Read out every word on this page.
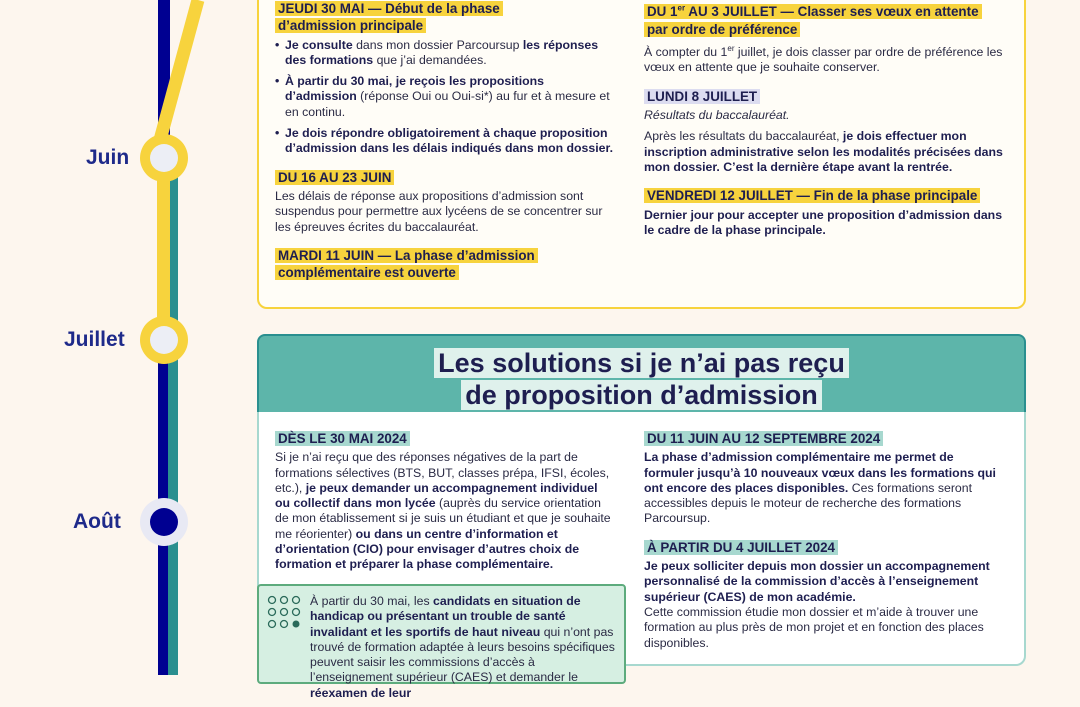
Juin
Juillet
Août
JEUDI 30 MAI — Début de la phase
d’admission principale
• Je consulte dans mon dossier Parcoursup les réponses des formations que j’ai demandées.
• À partir du 30 mai, je reçois les propositions d’admission (réponse Oui ou Oui-si*) au fur et à mesure et en continu.
• Je dois répondre obligatoirement à chaque proposition d’admission dans les délais indiqués dans mon dossier.
DU 16 AU 23 JUIN

Les délais de réponse aux propositions d’admission sont suspendus pour permettre aux lycéens de se concentrer sur les épreuves écrites du baccalauréat.

MARDI 11 JUIN — La phase d’admission
complémentaire est ouverte
DU 1er AU 3 JUILLET — Classer ses vœux en attente
par ordre de préférence

À compter du 1er juillet, je dois classer par ordre de préférence les vœux en attente que je souhaite conserver.

LUNDI 8 JUILLET

Résultats du baccalauréat.

Après les résultats du baccalauréat, je dois effectuer mon inscription administrative selon les modalités précisées dans mon dossier. C’est la dernière étape avant la rentrée.

VENDREDI 12 JUILLET — Fin de la phase principale

Dernier jour pour accepter une proposition d’admission dans le cadre de la phase principale.

Les solutions si je n’ai pas reçu
de proposition d’admission
DÈS LE 30 MAI 2024

Si je n’ai reçu que des réponses négatives de la part de formations sélectives (BTS, BUT, classes prépa, IFSI, écoles, etc.), je peux demander un accompagnement individuel ou collectif dans mon lycée (auprès du service orientation de mon établissement si je suis un étudiant et que je souhaite me réorienter) ou dans un centre d’information et d’orientation (CIO) pour envisager d’autres choix de formation et préparer la phase complémentaire.

À partir du 30 mai, les candidats en situation de handicap ou présentant un trouble de santé invalidant et les sportifs de haut niveau qui n’ont pas trouvé de formation adaptée à leurs besoins spécifiques peuvent saisir les commissions d’accès à l’enseignement supérieur (CAES) et demander le réexamen de leur

DU 11 JUIN AU 12 SEPTEMBRE 2024

La phase d’admission complémentaire me permet de formuler jusqu’à 10 nouveaux vœux dans les formations qui ont encore des places disponibles. Ces formations seront accessibles depuis le moteur de recherche des formations Parcoursup.

À PARTIR DU 4 JUILLET 2024

Je peux solliciter depuis mon dossier un accompagnement personnalisé de la commission d’accès à l’enseignement supérieur (CAES) de mon académie.

Cette commission étudie mon dossier et m’aide à trouver une formation au plus près de mon projet et en fonction des places disponibles.
